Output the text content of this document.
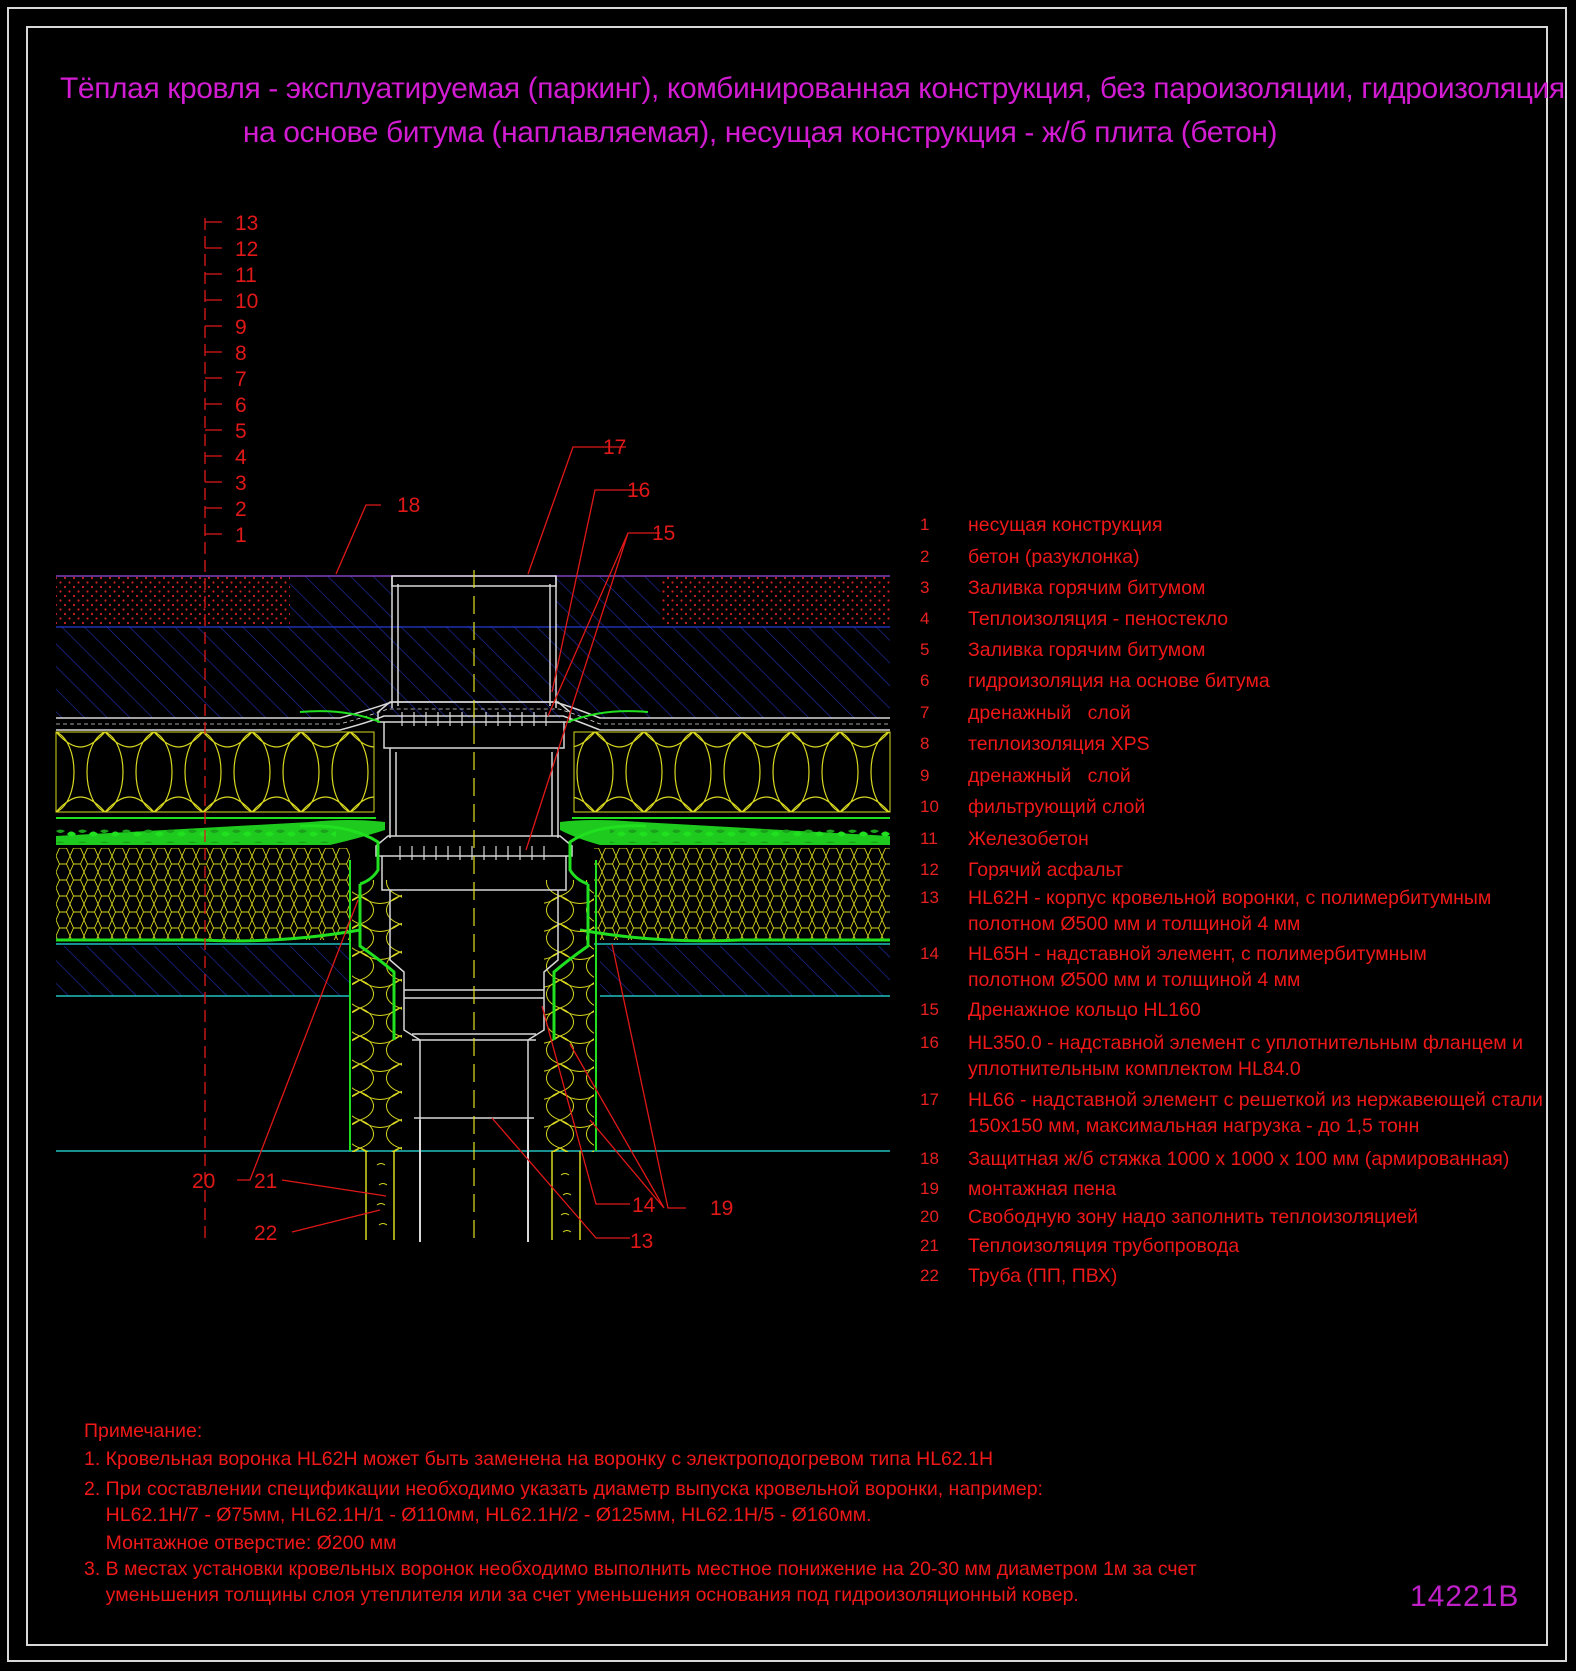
Тёплая кровля - эксплуатируемая (паркинг), комбинированная конструкция, без пароизоляции, гидроизоляция
на основе битума (наплавляемая), несущая конструкция - ж/б плита (бетон)
13
12
11
10
9
8
7
6
5
4
3
2
1
17
16
15
18
20 21
22
14	19
13
1	несущая конструкция
2	бетон (разуклонка)
3	Заливка горячим битумом
4	Теплоизоляция - пеностекло
5	Заливка горячим битумом
6	гидроизоляция на основе битума
7	дренажный   слой
8	теплоизоляция XPS
9	дренажный   слой
10	фильтрующий слой
11	Железобетон
12	Горячий асфальт
13	HL62H - корпус кровельной воронки, с полимербитумным
полотном Ø500 мм и толщиной 4 мм
14	HL65H - надставной элемент, с полимербитумным
полотном Ø500 мм и толщиной 4 мм
15	Дренажное кольцо HL160
16	HL350.0 - надставной элемент с уплотнительным фланцем и
уплотнительным комплектом HL84.0
17	HL66 - надставной элемент с решеткой из нержавеющей стали
150x150 мм, максимальная нагрузка - до 1,5 тонн
18	Защитная ж/б стяжка 1000 х 1000 х 100 мм (армированная)
19	монтажная пена
20	Свободную зону надо заполнить теплоизоляцией
21	Теплоизоляция трубопровода
22	Труба (ПП, ПВХ)
Примечание:
1. Кровельная воронка HL62H может быть заменена на воронку с электроподогревом типа HL62.1H
2. При составлении спецификации необходимо указать диаметр выпуска кровельной воронки, например:
HL62.1H/7 - Ø75мм, HL62.1H/1 - Ø110мм, HL62.1H/2 - Ø125мм, HL62.1H/5 - Ø160мм.
Монтажное отверстие: Ø200 мм
3. В местах установки кровельных воронок необходимо выполнить местное понижение на 20-30 мм диаметром 1м за счет
уменьшения толщины слоя утеплителя или за счет уменьшения основания под гидроизоляционный ковер.	14221В
